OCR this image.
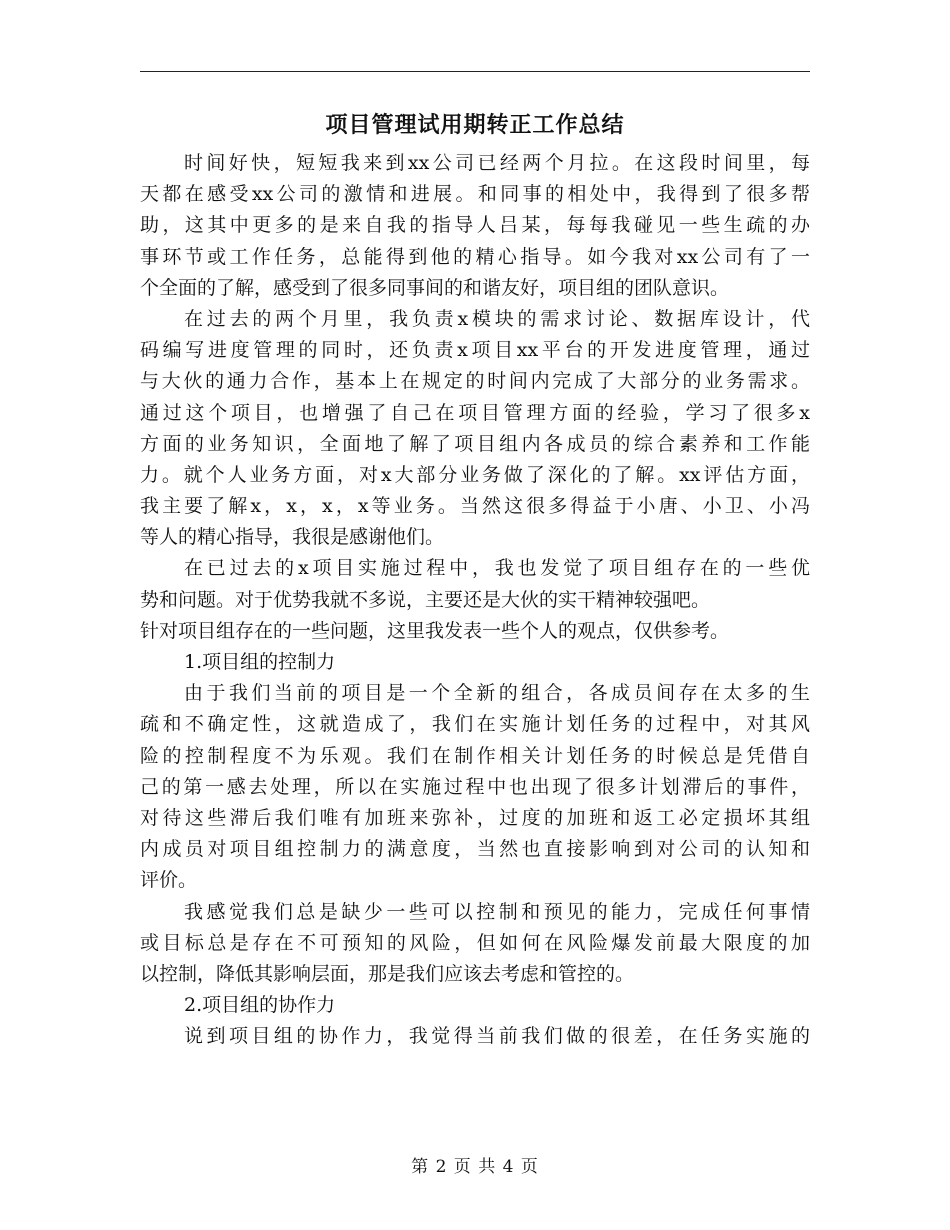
项目管理试用期转正工作总结
时间好快，短短我来到xx公司已经两个月拉。在这段时间里，每
天都在感受xx公司的激情和进展。和同事的相处中，我得到了很多帮
助，这其中更多的是来自我的指导人吕某，每每我碰见一些生疏的办
事环节或工作任务，总能得到他的精心指导。如今我对xx公司有了一
个全面的了解，感受到了很多同事间的和谐友好，项目组的团队意识。
在过去的两个月里，我负责x模块的需求讨论、数据库设计，代
码编写进度管理的同时，还负责x项目xx平台的开发进度管理，通过
与大伙的通力合作，基本上在规定的时间内完成了大部分的业务需求。
通过这个项目，也增强了自己在项目管理方面的经验，学习了很多x
方面的业务知识，全面地了解了项目组内各成员的综合素养和工作能
力。就个人业务方面，对x大部分业务做了深化的了解。xx评估方面，
我主要了解x，x，x，x等业务。当然这很多得益于小唐、小卫、小冯
等人的精心指导，我很是感谢他们。
在已过去的x项目实施过程中，我也发觉了项目组存在的一些优
势和问题。对于优势我就不多说，主要还是大伙的实干精神较强吧。
针对项目组存在的一些问题，这里我发表一些个人的观点，仅供参考。
1.项目组的控制力
由于我们当前的项目是一个全新的组合，各成员间存在太多的生
疏和不确定性，这就造成了，我们在实施计划任务的过程中，对其风
险的控制程度不为乐观。我们在制作相关计划任务的时候总是凭借自
己的第一感去处理，所以在实施过程中也出现了很多计划滞后的事件，
对待这些滞后我们唯有加班来弥补，过度的加班和返工必定损坏其组
内成员对项目组控制力的满意度，当然也直接影响到对公司的认知和
评价。
我感觉我们总是缺少一些可以控制和预见的能力，完成任何事情
或目标总是存在不可预知的风险，但如何在风险爆发前最大限度的加
以控制，降低其影响层面，那是我们应该去考虑和管控的。
2.项目组的协作力
说到项目组的协作力，我觉得当前我们做的很差，在任务实施的
第 2 页 共 4 页
